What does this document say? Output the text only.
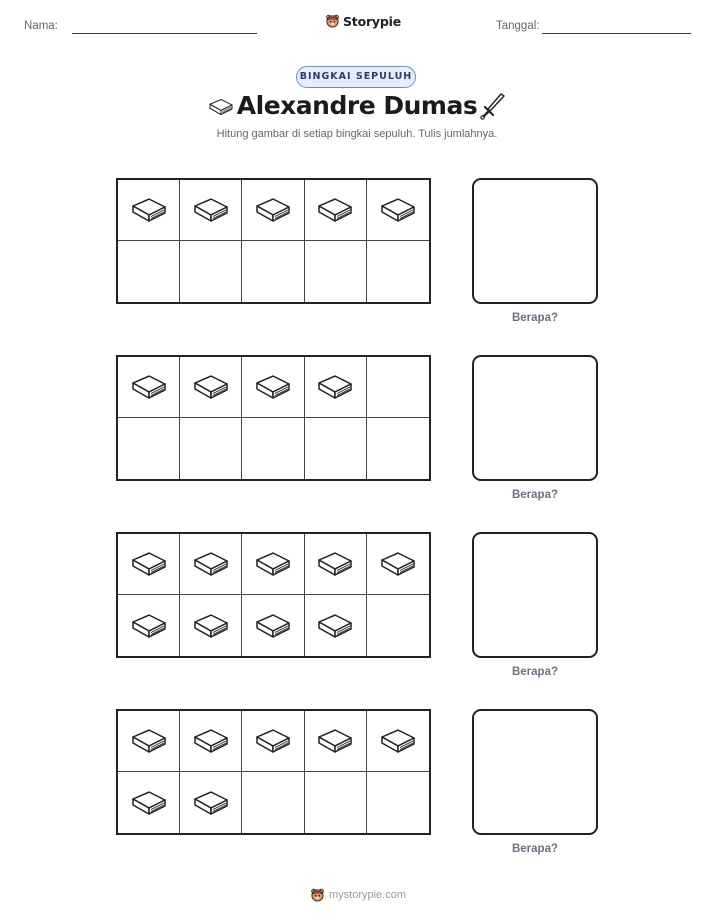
Nama:	Storypie	Tanggal:
BINGKAI SEPULUH
Alexandre Dumas
Hitung gambar di setiap bingkai sepuluh. Tulis jumlahnya.
Berapa?
Berapa?
Berapa?
Berapa?
mystorypie.com
